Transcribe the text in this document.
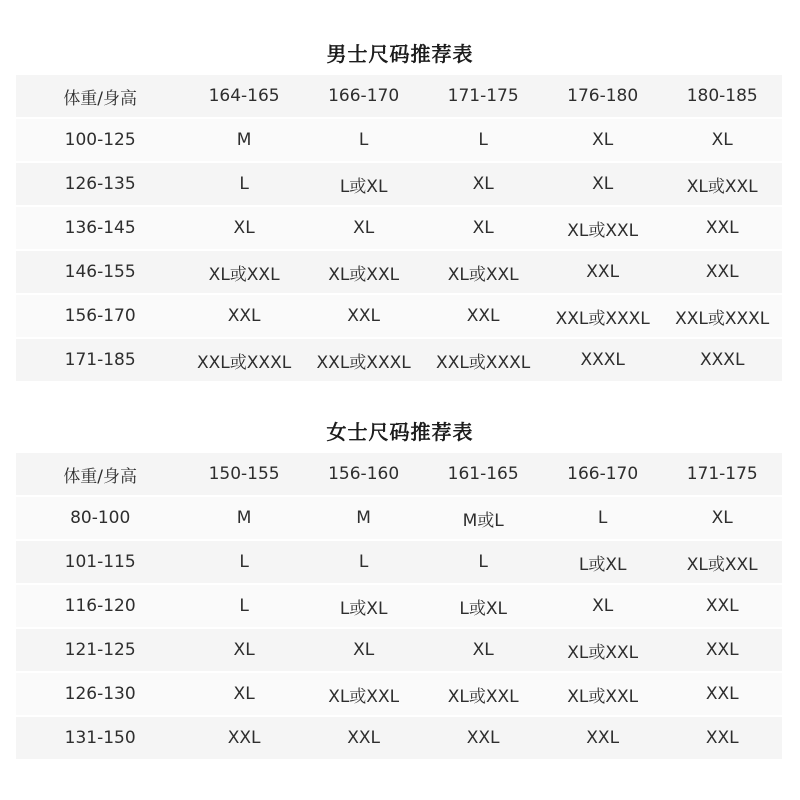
男士尺码推荐表
体重/身高	164-165	166-170	171-175	176-180	180-185
100-125	M	L	L	XL	XL
126-135	L	L或XL	XL	XL	XL或XXL
136-145	XL	XL	XL	XL或XXL	XXL
146-155	XL或XXL	XL或XXL	XL或XXL	XXL	XXL
156-170	XXL	XXL	XXL	XXL或XXXL	XXL或XXXL
171-185	XXL或XXXL	XXL或XXXL	XXL或XXXL	XXXL	XXXL
女士尺码推荐表
体重/身高	150-155	156-160	161-165	166-170	171-175
80-100	M	M	M或L	L	XL
101-115	L	L	L	L或XL	XL或XXL
116-120	L	L或XL	L或XL	XL	XXL
121-125	XL	XL	XL	XL或XXL	XXL
126-130	XL	XL或XXL	XL或XXL	XL或XXL	XXL
131-150	XXL	XXL	XXL	XXL	XXL
